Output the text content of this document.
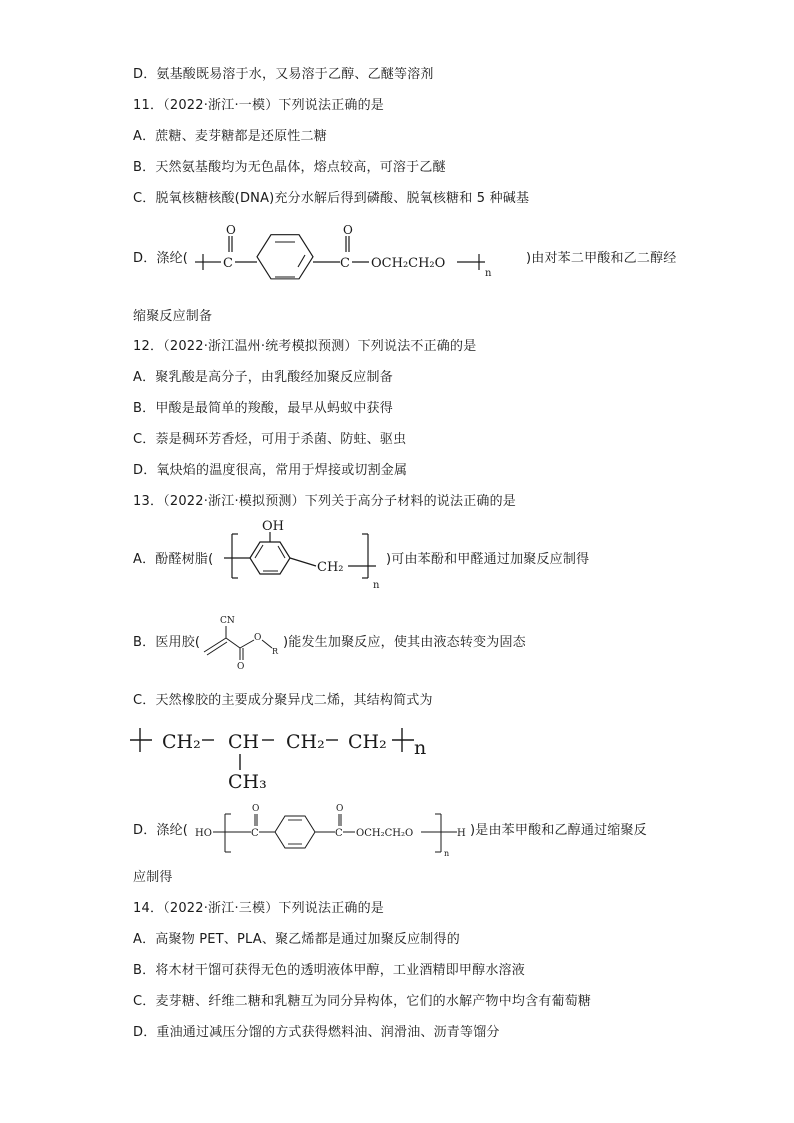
D．氨基酸既易溶于水，又易溶于乙醇、乙醚等溶剂
11．（2022·浙江·一模）下列说法正确的是
A．蔗糖、麦芽糖都是还原性二糖
B．天然氨基酸均为无色晶体，熔点较高，可溶于乙醚
C．脱氧核糖核酸(DNA)充分水解后得到磷酸、脱氧核糖和 5 种碱基
D．涤纶(	)由对苯二甲酸和乙二醇经
C
O
C
O
OCH₂CH₂O
n
缩聚反应制备
12．（2022·浙江温州·统考模拟预测）下列说法不正确的是
A．聚乳酸是高分子，由乳酸经加聚反应制备
B．甲酸是最简单的羧酸，最早从蚂蚁中获得
C．萘是稠环芳香烃，可用于杀菌、防蛀、驱虫
D．氧炔焰的温度很高，常用于焊接或切割金属
13．（2022·浙江·模拟预测）下列关于高分子材料的说法正确的是
A．酚醛树脂(
OH
CH₂
n
)可由苯酚和甲醛通过加聚反应制得
B．医用胶(
CN
O
O
R
)能发生加聚反应，使其由液态转变为固态
C．天然橡胶的主要成分聚异戊二烯，其结构简式为
CH₂ CH
CH₃
CH₂ CH₂ n
D．涤纶( HO	C
O
C
O
OCH₂CH₂O
n
H )是由苯甲酸和乙醇通过缩聚反
应制得
14．（2022·浙江·三模）下列说法正确的是
A．高聚物 PET、PLA、聚乙烯都是通过加聚反应制得的
B．将木材干馏可获得无色的透明液体甲醇，工业酒精即甲醇水溶液
C．麦芽糖、纤维二糖和乳糖互为同分异构体，它们的水解产物中均含有葡萄糖
D．重油通过减压分馏的方式获得燃料油、润滑油、沥青等馏分
